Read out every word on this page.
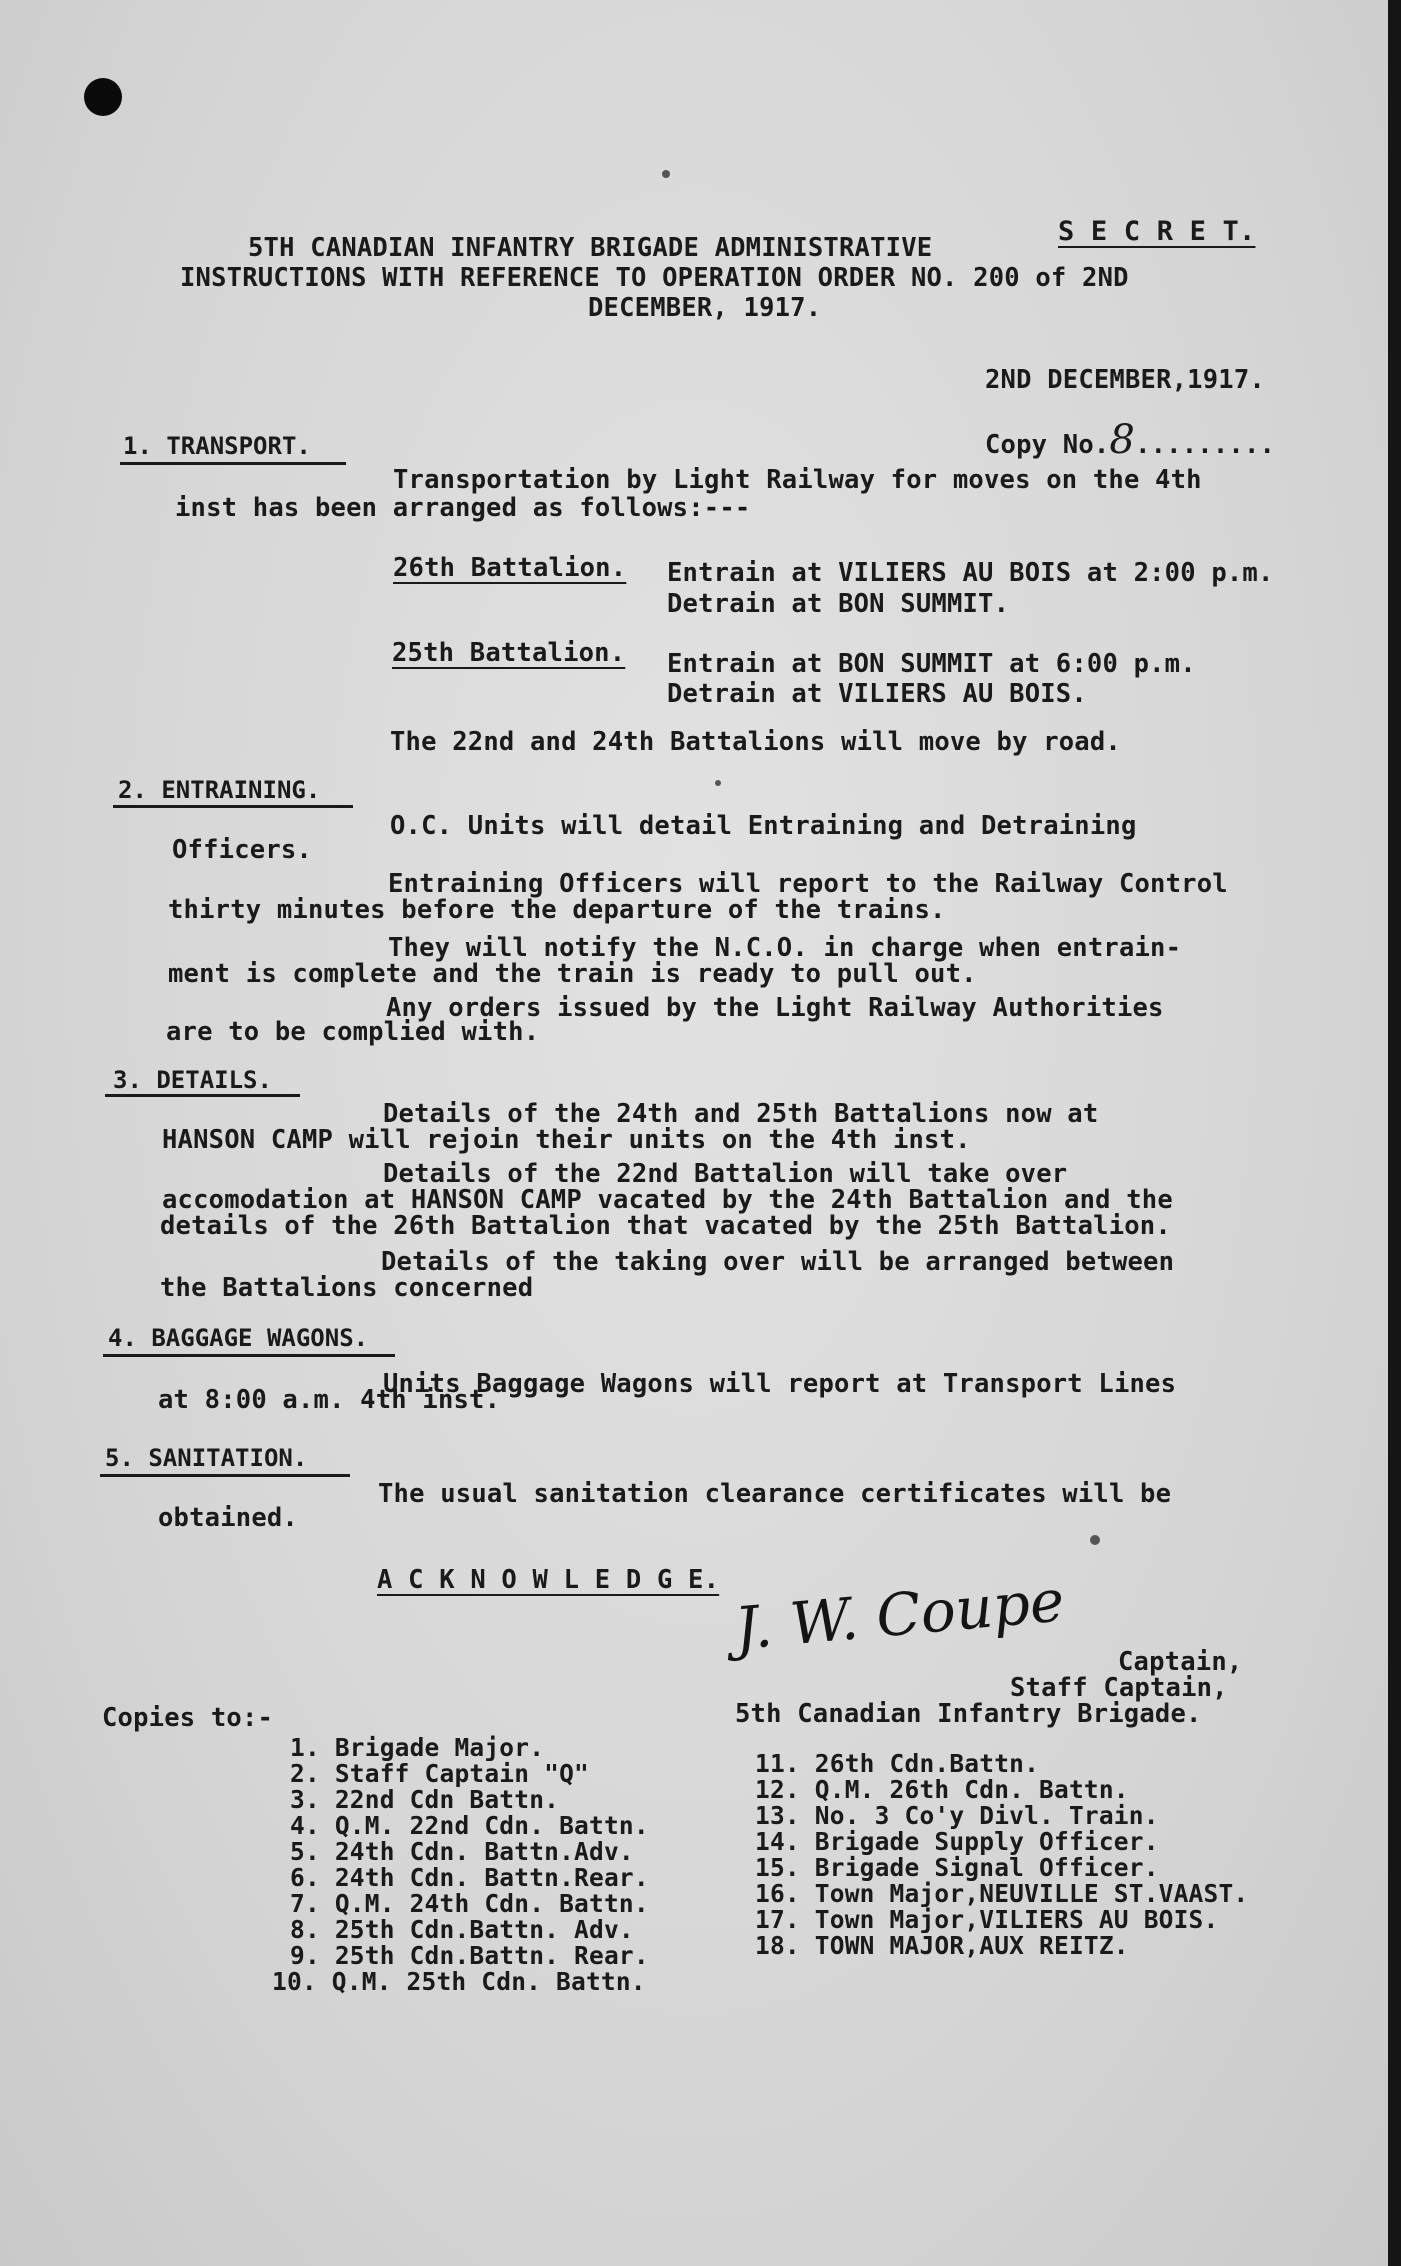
S E C R E T.

5TH CANADIAN INFANTRY BRIGADE ADMINISTRATIVE

INSTRUCTIONS WITH REFERENCE TO OPERATION ORDER NO. 200 of 2ND

DECEMBER, 1917.

2ND DECEMBER,1917.

Copy No.8.........

1. TRANSPORT.

Transportation by Light Railway for moves on the 4th

inst has been arranged as follows:---

26th Battalion. Entrain at VILIERS AU BOIS at 2:00 p.m.

Detrain at BON SUMMIT.

25th Battalion. Entrain at BON SUMMIT at 6:00 p.m.

Detrain at VILIERS AU BOIS.

The 22nd and 24th Battalions will move by road.

2. ENTRAINING.

O.C. Units will detail Entraining and Detraining

Officers.

Entraining Officers will report to the Railway Control

thirty minutes before the departure of the trains.

They will notify the N.C.O. in charge when entrain-

ment is complete and the train is ready to pull out.

Any orders issued by the Light Railway Authorities

are to be complied with.

3. DETAILS.

Details of the 24th and 25th Battalions now at

HANSON CAMP will rejoin their units on the 4th inst.

Details of the 22nd Battalion will take over

accomodation at HANSON CAMP vacated by the 24th Battalion and the

details of the 26th Battalion that vacated by the 25th Battalion.

Details of the taking over will be arranged between

the Battalions concerned

4. BAGGAGE WAGONS.

Units Baggage Wagons will report at Transport Lines

at 8:00 a.m. 4th inst.

5. SANITATION.

The usual sanitation clearance certificates will be

obtained.

A C K N O W L E D G E. J. W. Coupe Captain,

Staff Captain,

5th Canadian Infantry Brigade.

Copies to:-

1. Brigade Major.

2. Staff Captain "Q"

3. 22nd Cdn Battn.

4. Q.M. 22nd Cdn. Battn.

5. 24th Cdn. Battn.Adv.

6. 24th Cdn. Battn.Rear.

7. Q.M. 24th Cdn. Battn.

8. 25th Cdn.Battn. Adv.

9. 25th Cdn.Battn. Rear.

10. Q.M. 25th Cdn. Battn.

11. 26th Cdn.Battn.

12. Q.M. 26th Cdn. Battn.

13. No. 3 Co'y Divl. Train.

14. Brigade Supply Officer.

15. Brigade Signal Officer.

16. Town Major,NEUVILLE ST.VAAST.

17. Town Major,VILIERS AU BOIS.

18. TOWN MAJOR,AUX REITZ.
